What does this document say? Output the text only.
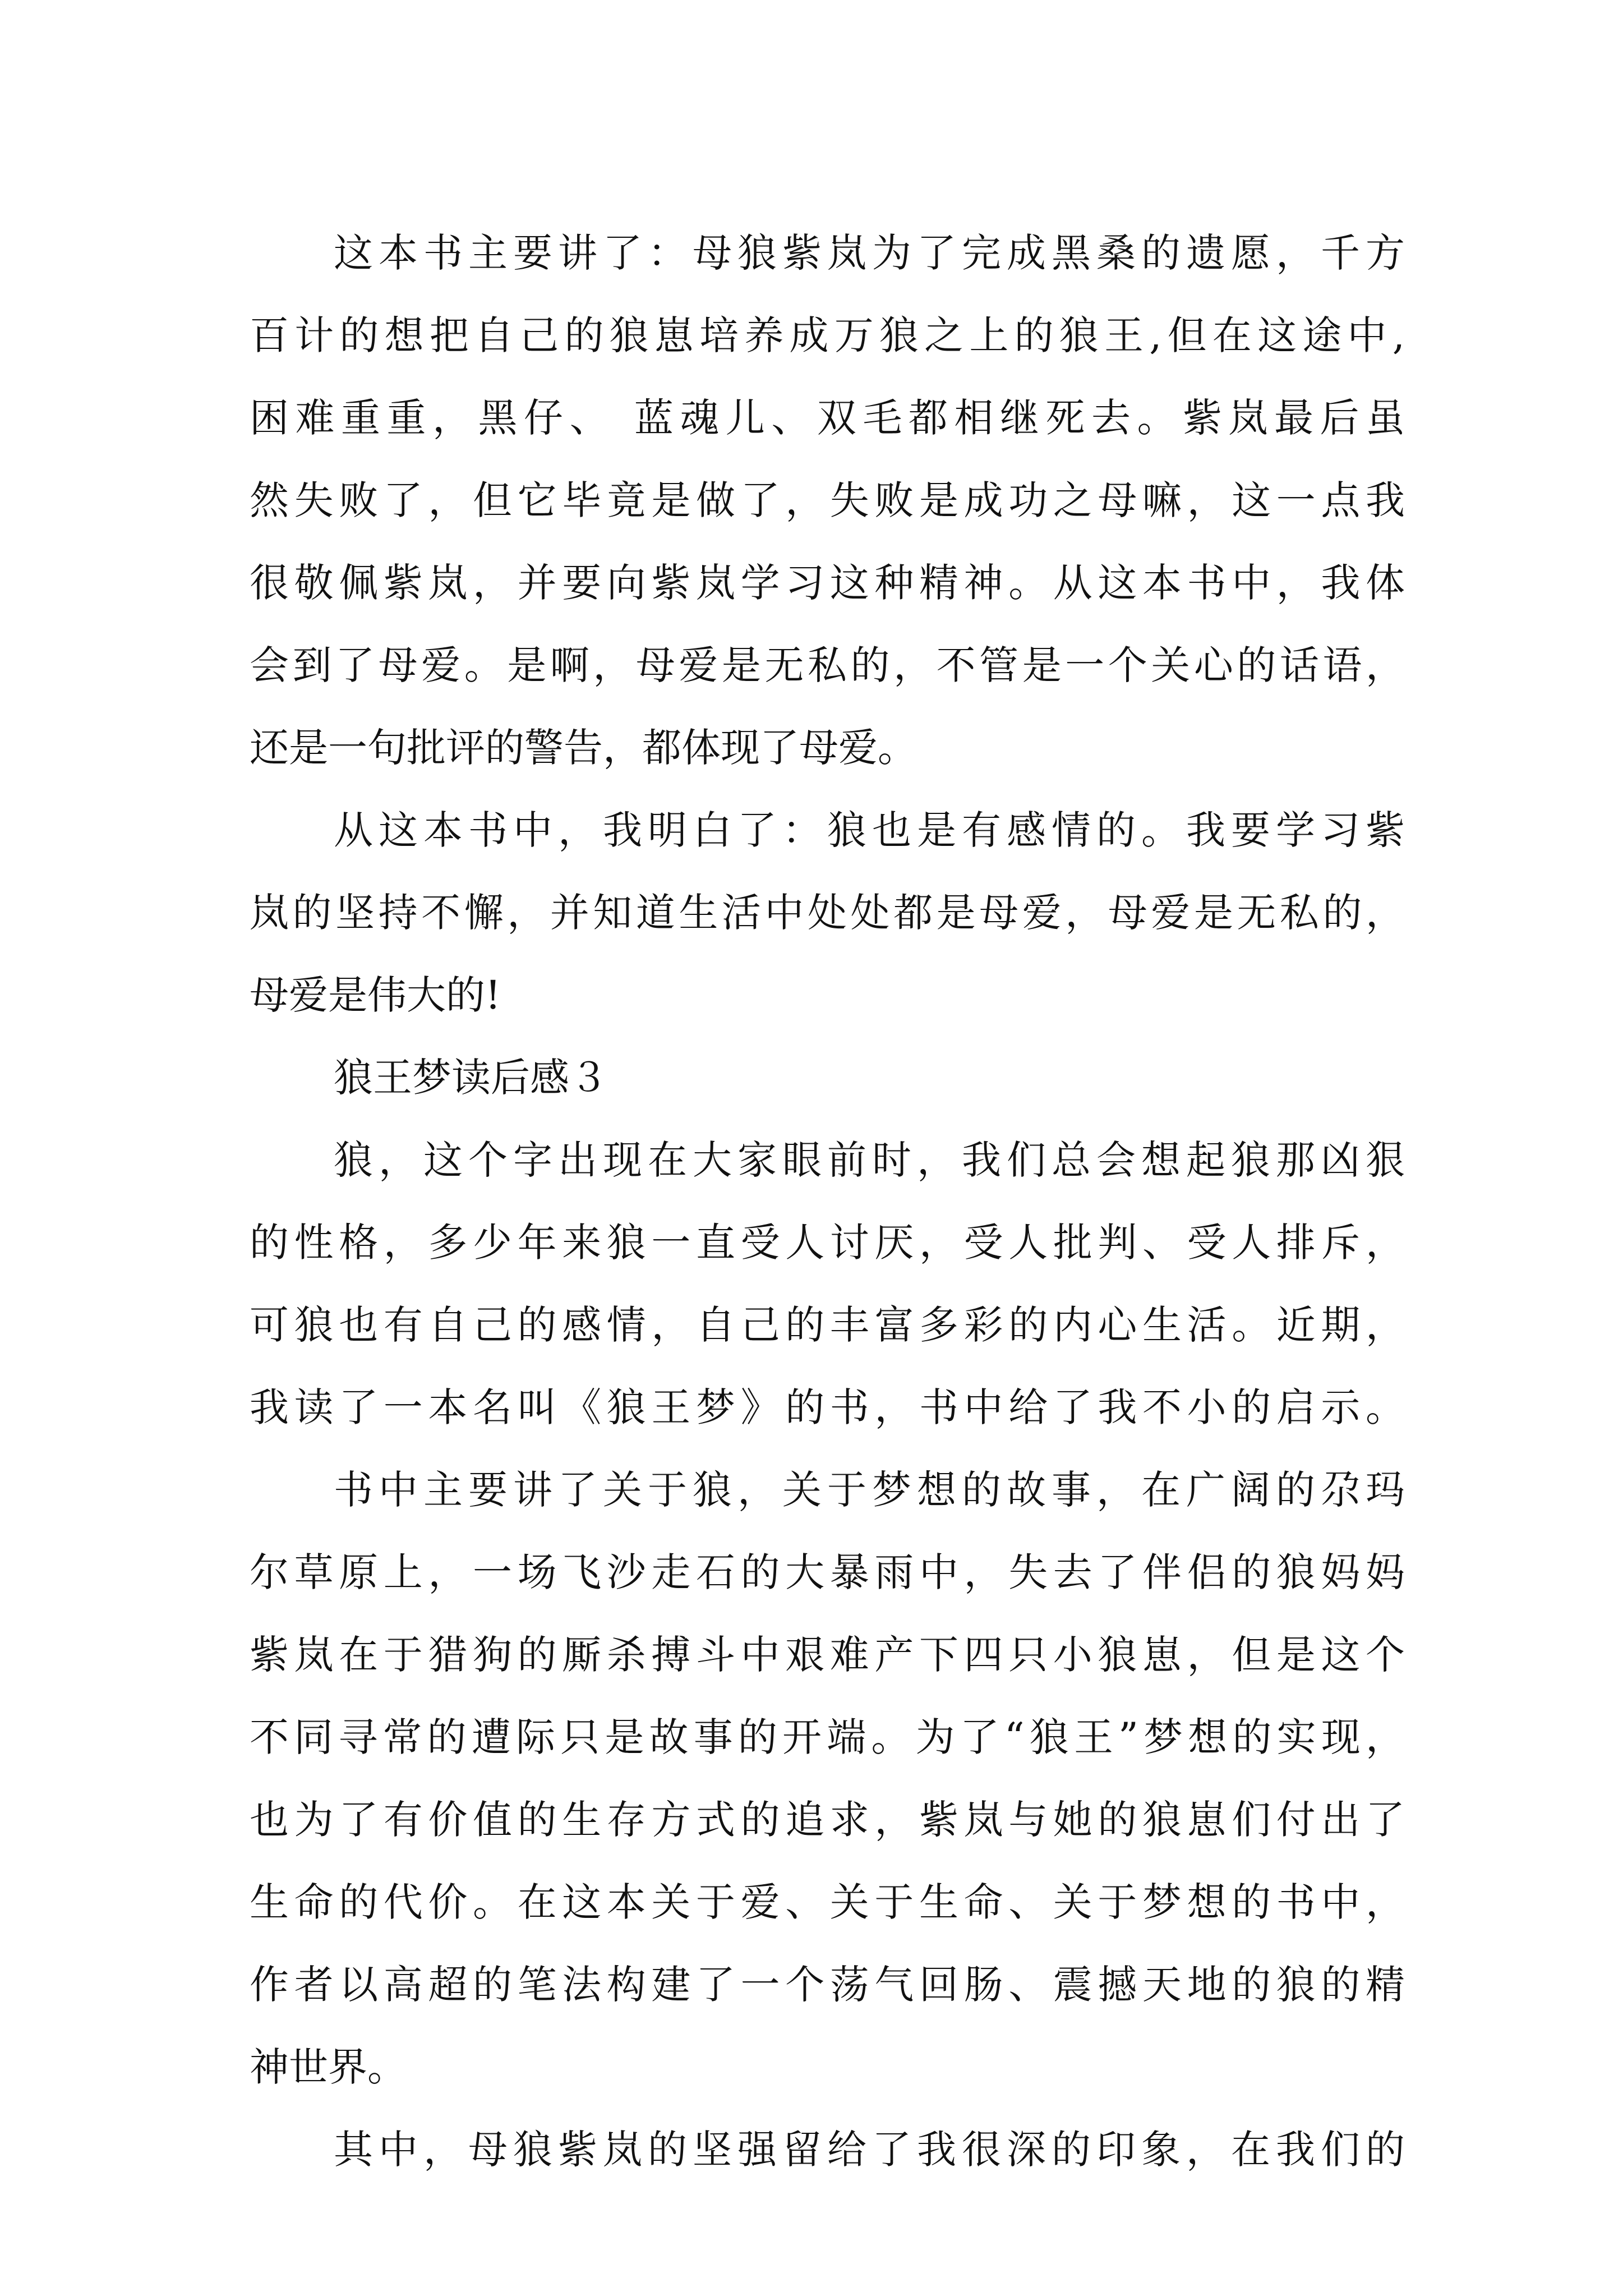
这本书主要讲了：母狼紫岚为了完成黑桑的遗愿，千方
百计的想把自己的狼崽培养成万狼之上的狼王,但在这途中,
困难重重，黑仔、 蓝魂儿、双毛都相继死去。紫岚最后虽
然失败了，但它毕竟是做了，失败是成功之母嘛，这一点我
很敬佩紫岚，并要向紫岚学习这种精神。从这本书中，我体
会到了母爱。是啊，母爱是无私的，不管是一个关心的话语，
还是一句批评的警告，都体现了母爱。
从这本书中，我明白了：狼也是有感情的。我要学习紫
岚的坚持不懈，并知道生活中处处都是母爱，母爱是无私的，
母爱是伟大的!
狼王梦读后感３
狼，这个字出现在大家眼前时，我们总会想起狼那凶狠
的性格，多少年来狼一直受人讨厌，受人批判、受人排斥，
可狼也有自己的感情，自己的丰富多彩的内心生活。近期，
我读了一本名叫《狼王梦》的书，书中给了我不小的启示。
书中主要讲了关于狼，关于梦想的故事，在广阔的尕玛
尔草原上，一场飞沙走石的大暴雨中，失去了伴侣的狼妈妈
紫岚在于猎狗的厮杀搏斗中艰难产下四只小狼崽，但是这个
不同寻常的遭际只是故事的开端。为了“狼王”梦想的实现，
也为了有价值的生存方式的追求，紫岚与她的狼崽们付出了
生命的代价。在这本关于爱、关于生命、关于梦想的书中，
作者以高超的笔法构建了一个荡气回肠、震撼天地的狼的精
神世界。
其中，母狼紫岚的坚强留给了我很深的印象，在我们的
